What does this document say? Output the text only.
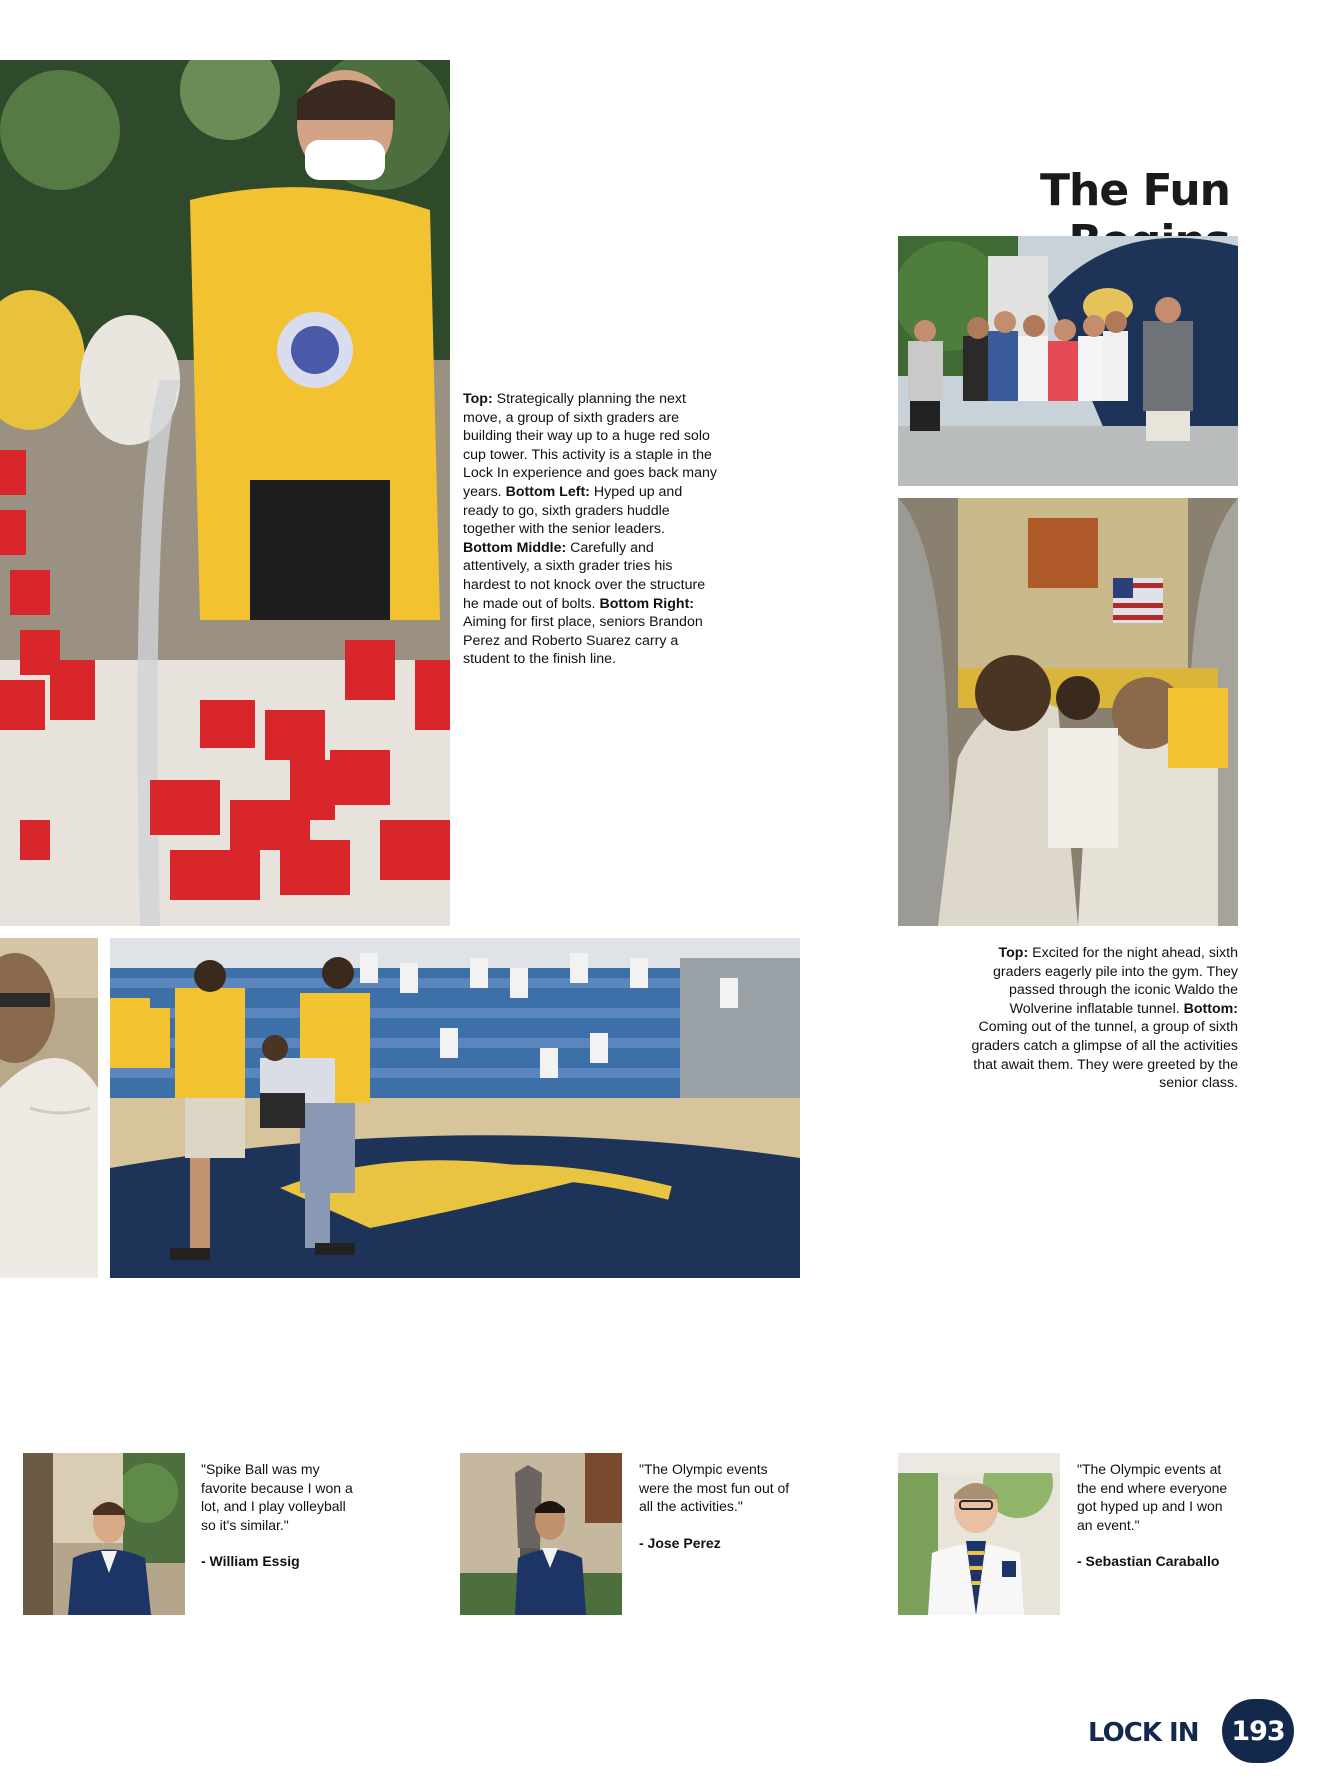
The Fun
Top: Strategically planning the next move, a group of sixth graders are building their way up to a huge red solo cup tower. This activity is a staple in the Lock In experience and goes back many years. Bottom Left: Hyped up and ready to go, sixth graders huddle together with the senior leaders. Bottom Middle: Carefully and attentively, a sixth grader tries his hardest to not knock over the structure he made out of bolts. Bottom Right: Aiming for first place, seniors Brandon Perez and Roberto Suarez carry a student to the finish line.
Top: Excited for the night ahead, sixth graders eagerly pile into the gym. They passed through the iconic Waldo the Wolverine inflatable tunnel. Bottom: Coming out of the tunnel, a group of sixth graders catch a glimpse of all the activities that await them. They were greeted by the senior class.
"Spike Ball was my favorite because I won a lot, and I play volleyball so it's similar."
- William Essig
"The Olympic events were the most fun out of all the activities."
- Jose Perez
"The Olympic events at the end where everyone got hyped up and I won an event."
- Sebastian Caraballo
LOCK IN	193
